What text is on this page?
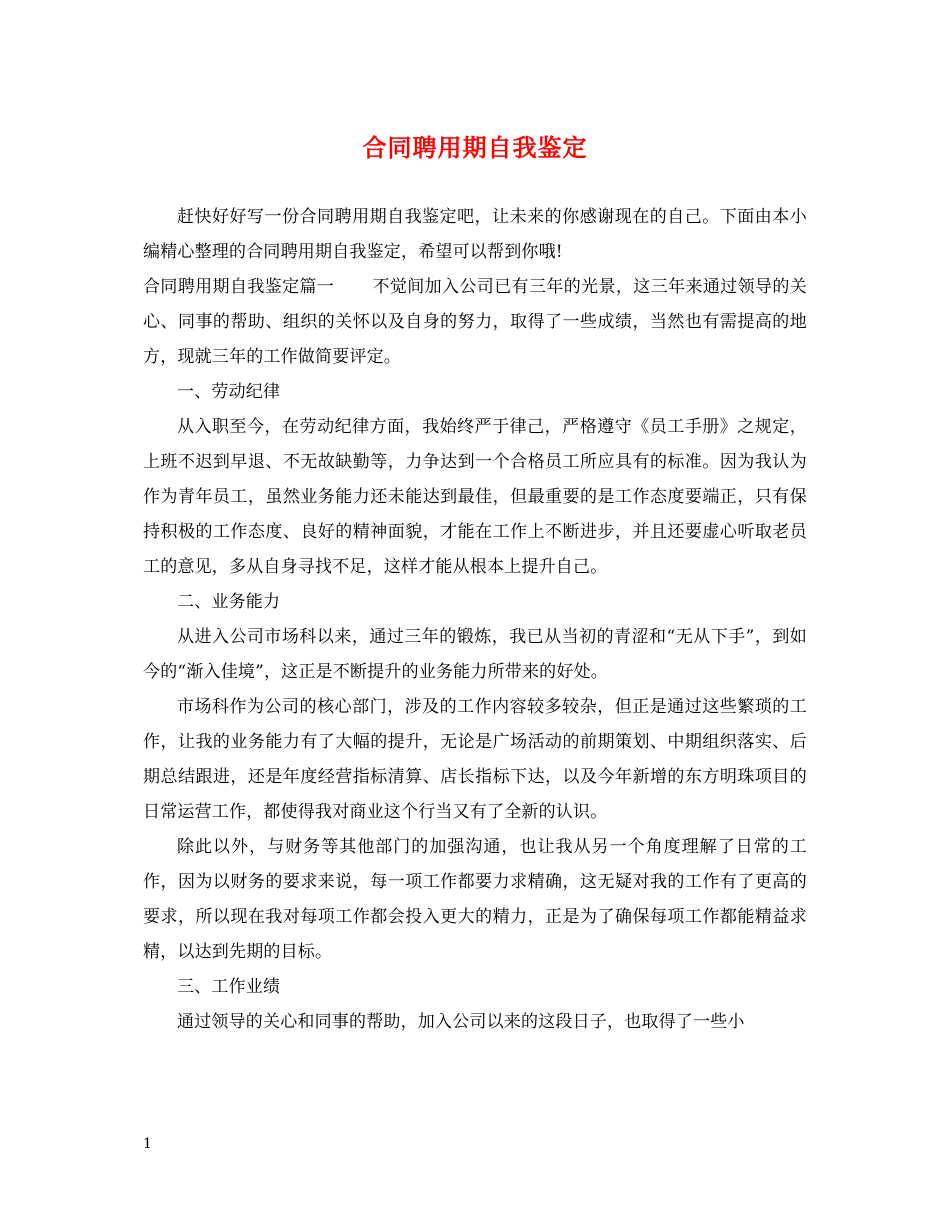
合同聘用期自我鉴定

赶快好好写一份合同聘用期自我鉴定吧，让未来的你感谢现在的自己。下面由本小编精心整理的合同聘用期自我鉴定，希望可以帮到你哦!

合同聘用期自我鉴定篇一 不觉间加入公司已有三年的光景，这三年来通过领导的关心、同事的帮助、组织的关怀以及自身的努力，取得了一些成绩，当然也有需提高的地方，现就三年的工作做简要评定。

一、劳动纪律

从入职至今，在劳动纪律方面，我始终严于律己，严格遵守《员工手册》之规定，上班不迟到早退、不无故缺勤等，力争达到一个合格员工所应具有的标准。因为我认为作为青年员工，虽然业务能力还未能达到最佳，但最重要的是工作态度要端正，只有保持积极的工作态度、良好的精神面貌，才能在工作上不断进步，并且还要虚心听取老员工的意见，多从自身寻找不足，这样才能从根本上提升自己。

二、业务能力

从进入公司市场科以来，通过三年的锻炼，我已从当初的青涩和“无从下手”，到如今的“渐入佳境”，这正是不断提升的业务能力所带来的好处。

市场科作为公司的核心部门，涉及的工作内容较多较杂，但正是通过这些繁琐的工作，让我的业务能力有了大幅的提升，无论是广场活动的前期策划、中期组织落实、后期总结跟进，还是年度经营指标清算、店长指标下达，以及今年新增的东方明珠项目的日常运营工作，都使得我对商业这个行当又有了全新的认识。

除此以外，与财务等其他部门的加强沟通，也让我从另一个角度理解了日常的工作，因为以财务的要求来说，每一项工作都要力求精确，这无疑对我的工作有了更高的要求，所以现在我对每项工作都会投入更大的精力，正是为了确保每项工作都能精益求精，以达到先期的目标。

三、工作业绩

通过领导的关心和同事的帮助，加入公司以来的这段日子，也取得了一些小

1
